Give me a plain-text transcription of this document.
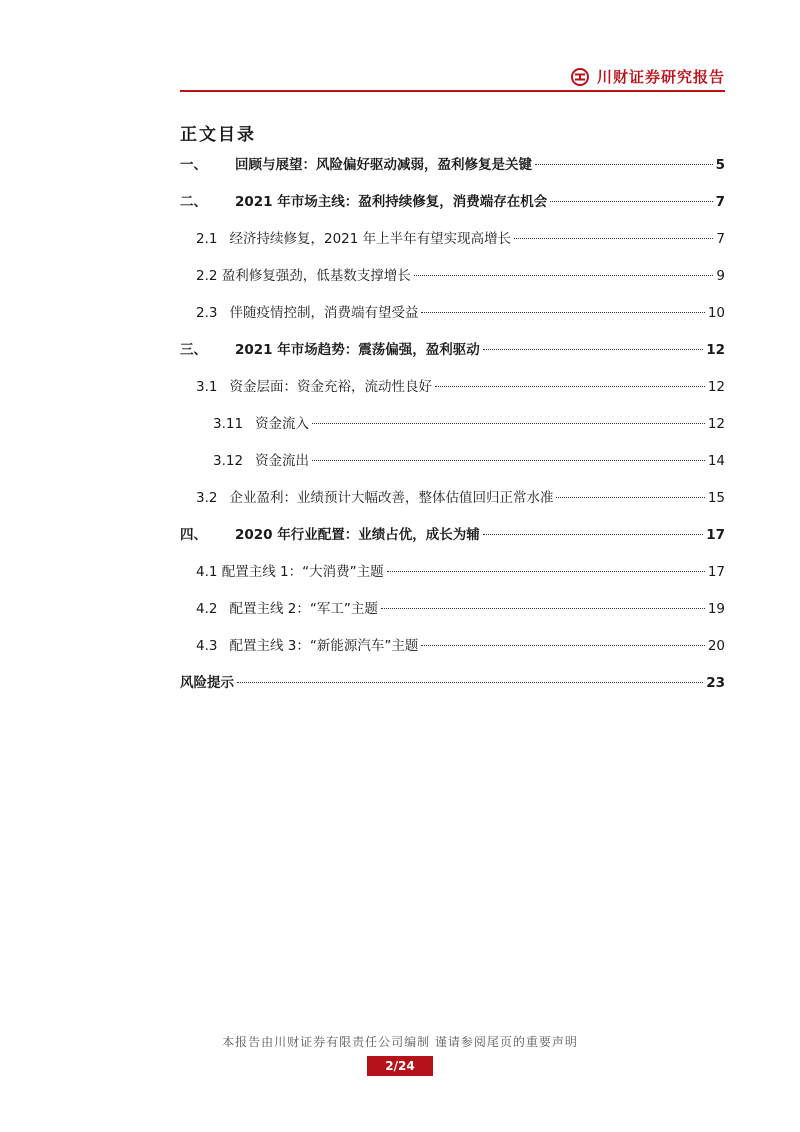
川财证券研究报告
正文目录
一、 回顾与展望：风险偏好驱动减弱，盈利修复是关键	5
二、 2021 年市场主线：盈利持续修复，消费端存在机会	7
2.1 经济持续修复，2021 年上半年有望实现高增长	7
2.2 盈利修复强劲，低基数支撑增长	9
2.3 伴随疫情控制，消费端有望受益	10
三、 2021 年市场趋势：震荡偏强，盈利驱动	12
3.1 资金层面：资金充裕，流动性良好	12
3.11 资金流入	12
3.12 资金流出	14
3.2 企业盈利：业绩预计大幅改善，整体估值回归正常水准	15
四、 2020 年行业配置：业绩占优，成长为辅	17
4.1 配置主线 1：“大消费”主题	17
4.2 配置主线 2：“军工”主题	19
4.3 配置主线 3：“新能源汽车”主题	20
风险提示	23
本报告由川财证券有限责任公司编制 谨请参阅尾页的重要声明
2/24
